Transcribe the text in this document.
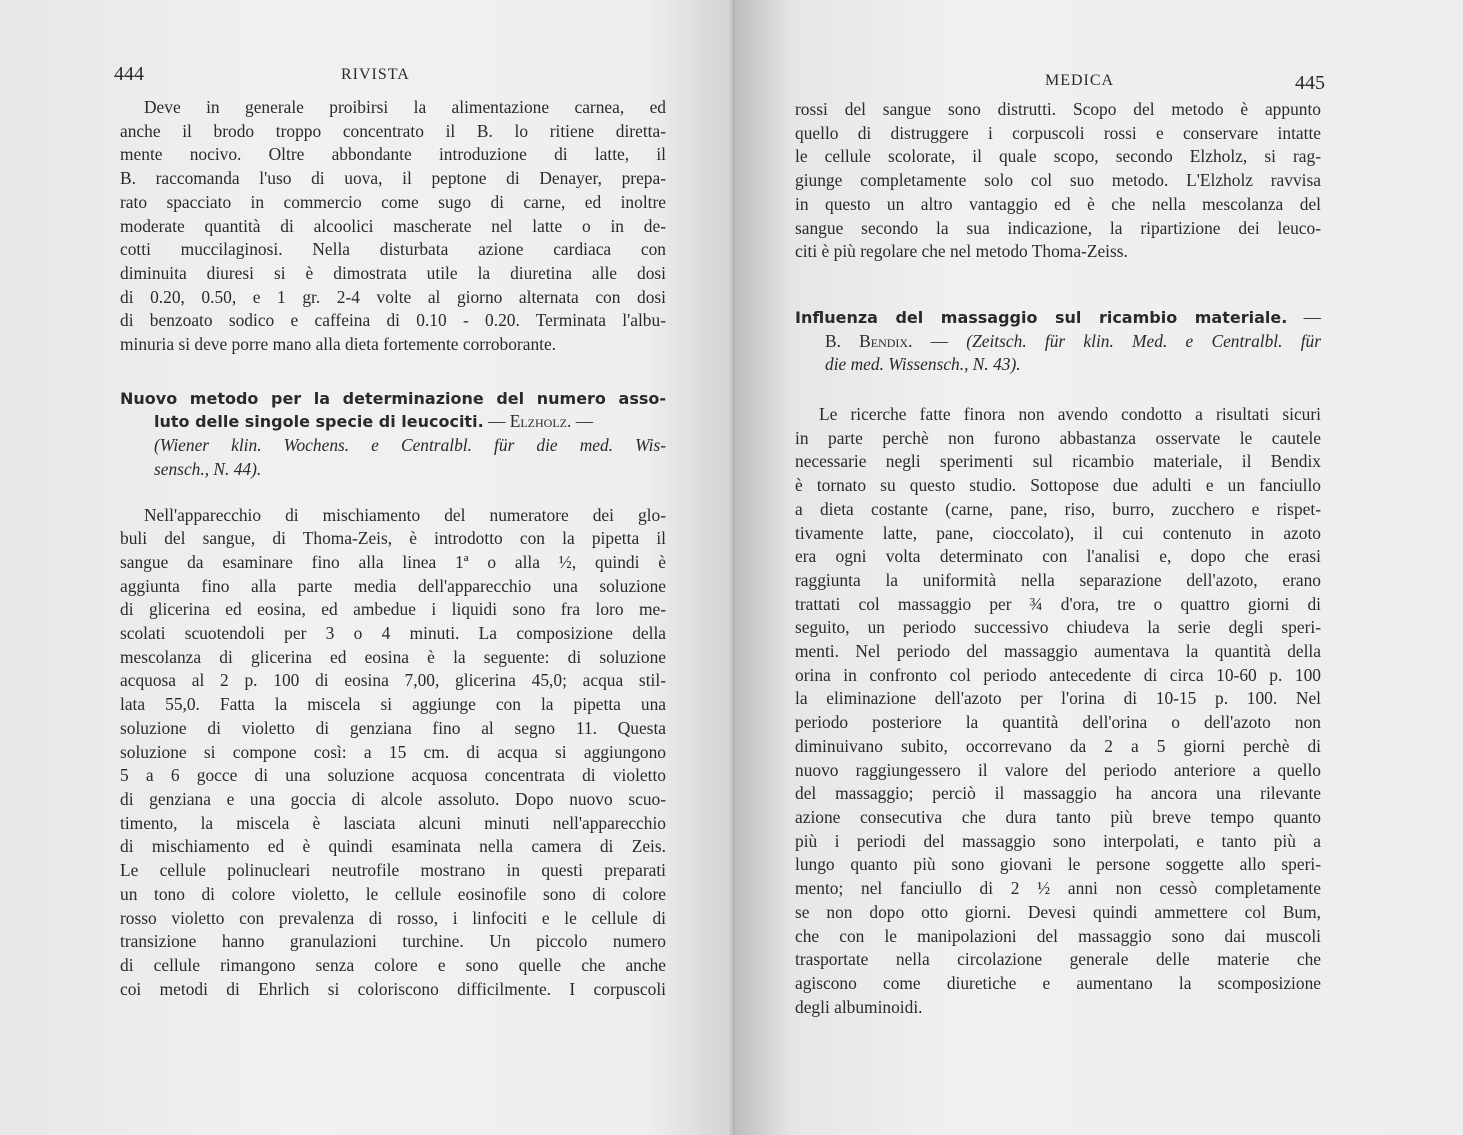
444	RIVISTA
Deve in generale proibirsi la alimentazione carnea, ed
anche il brodo troppo concentrato il B. lo ritiene diretta-
mente nocivo. Oltre abbondante introduzione di latte, il
B. raccomanda l'uso di uova, il peptone di Denayer, prepa-
rato spacciato in commercio come sugo di carne, ed inoltre
moderate quantità di alcoolici mascherate nel latte o in de-
cotti muccilaginosi. Nella disturbata azione cardiaca con
diminuita diuresi si è dimostrata utile la diuretina alle dosi
di 0.20, 0.50, e 1 gr. 2-4 volte al giorno alternata con dosi
di benzoato sodico e caffeina di 0.10 - 0.20. Terminata l'albu-
minuria si deve porre mano alla dieta fortemente corroborante.
Nuovo metodo per la determinazione del numero asso-
luto delle singole specie di leucociti. — Elzholz. —
(Wiener klin. Wochens. e Centralbl. für die med. Wis-
sensch., N. 44).
Nell'apparecchio di mischiamento del numeratore dei glo-
buli del sangue, di Thoma-Zeis, è introdotto con la pipetta il
sangue da esaminare fino alla linea 1ª o alla ½, quindi è
aggiunta fino alla parte media dell'apparecchio una soluzione
di glicerina ed eosina, ed ambedue i liquidi sono fra loro me-
scolati scuotendoli per 3 o 4 minuti. La composizione della
mescolanza di glicerina ed eosina è la seguente: di soluzione
acquosa al 2 p. 100 di eosina 7,00, glicerina 45,0; acqua stil-
lata 55,0. Fatta la miscela si aggiunge con la pipetta una
soluzione di violetto di genziana fino al segno 11. Questa
soluzione si compone così: a 15 cm. di acqua si aggiungono
5 a 6 gocce di una soluzione acquosa concentrata di violetto
di genziana e una goccia di alcole assoluto. Dopo nuovo scuo-
timento, la miscela è lasciata alcuni minuti nell'apparecchio
di mischiamento ed è quindi esaminata nella camera di Zeis.
Le cellule polinucleari neutrofile mostrano in questi preparati
un tono di colore violetto, le cellule eosinofile sono di colore
rosso violetto con prevalenza di rosso, i linfociti e le cellule di
transizione hanno granulazioni turchine. Un piccolo numero
di cellule rimangono senza colore e sono quelle che anche
coi metodi di Ehrlich si coloriscono difficilmente. I corpuscoli
MEDICA	445
rossi del sangue sono distrutti. Scopo del metodo è appunto
quello di distruggere i corpuscoli rossi e conservare intatte
le cellule scolorate, il quale scopo, secondo Elzholz, si rag-
giunge completamente solo col suo metodo. L'Elzholz ravvisa
in questo un altro vantaggio ed è che nella mescolanza del
sangue secondo la sua indicazione, la ripartizione dei leuco-
citi è più regolare che nel metodo Thoma-Zeiss.
Influenza del massaggio sul ricambio materiale. —
B. Bendix. — (Zeitsch. für klin. Med. e Centralbl. für
die med. Wissensch., N. 43).
Le ricerche fatte finora non avendo condotto a risultati sicuri
in parte perchè non furono abbastanza osservate le cautele
necessarie negli sperimenti sul ricambio materiale, il Bendix
è tornato su questo studio. Sottopose due adulti e un fanciullo
a dieta costante (carne, pane, riso, burro, zucchero e rispet-
tivamente latte, pane, cioccolato), il cui contenuto in azoto
era ogni volta determinato con l'analisi e, dopo che erasi
raggiunta la uniformità nella separazione dell'azoto, erano
trattati col massaggio per ¾ d'ora, tre o quattro giorni di
seguito, un periodo successivo chiudeva la serie degli speri-
menti. Nel periodo del massaggio aumentava la quantità della
orina in confronto col periodo antecedente di circa 10-60 p. 100
la eliminazione dell'azoto per l'orina di 10-15 p. 100. Nel
periodo posteriore la quantità dell'orina o dell'azoto non
diminuivano subito, occorrevano da 2 a 5 giorni perchè di
nuovo raggiungessero il valore del periodo anteriore a quello
del massaggio; perciò il massaggio ha ancora una rilevante
azione consecutiva che dura tanto più breve tempo quanto
più i periodi del massaggio sono interpolati, e tanto più a
lungo quanto più sono giovani le persone soggette allo speri-
mento; nel fanciullo di 2 ½ anni non cessò completamente
se non dopo otto giorni. Devesi quindi ammettere col Bum,
che con le manipolazioni del massaggio sono dai muscoli
trasportate nella circolazione generale delle materie che
agiscono come diuretiche e aumentano la scomposizione
degli albuminoidi.
